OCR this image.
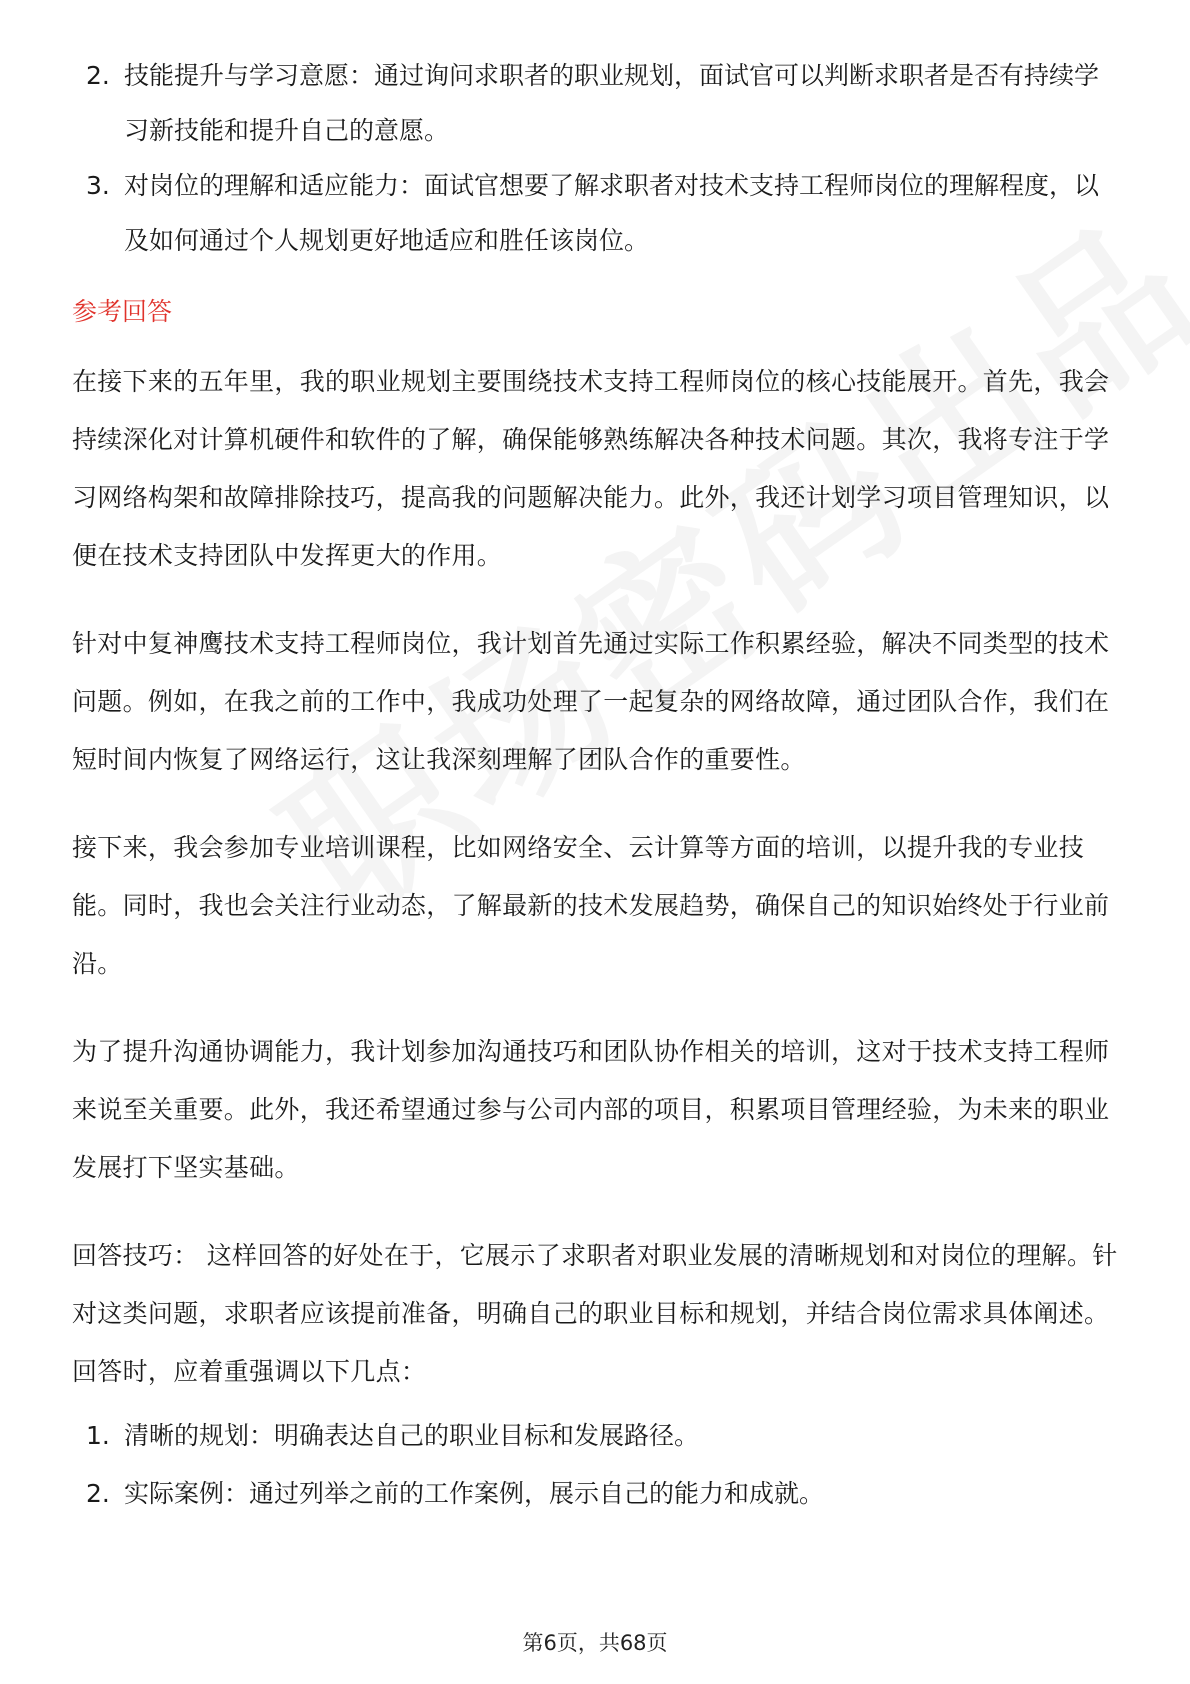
2. 技能提升与学习意愿：通过询问求职者的职业规划，面试官可以判断求职者是否有持续学习新技能和提升自己的意愿。
3. 对岗位的理解和适应能力：面试官想要了解求职者对技术支持工程师岗位的理解程度，以及如何通过个人规划更好地适应和胜任该岗位。
参考回答

在接下来的五年里，我的职业规划主要围绕技术支持工程师岗位的核心技能展开。首先，我会持续深化对计算机硬件和软件的了解，确保能够熟练解决各种技术问题。其次，我将专注于学习网络构架和故障排除技巧，提高我的问题解决能力。此外，我还计划学习项目管理知识，以便在技术支持团队中发挥更大的作用。

针对中复神鹰技术支持工程师岗位，我计划首先通过实际工作积累经验，解决不同类型的技术问题。例如，在我之前的工作中，我成功处理了一起复杂的网络故障，通过团队合作，我们在短时间内恢复了网络运行，这让我深刻理解了团队合作的重要性。

接下来，我会参加专业培训课程，比如网络安全、云计算等方面的培训，以提升我的专业技能。同时，我也会关注行业动态，了解最新的技术发展趋势，确保自己的知识始终处于行业前沿。

为了提升沟通协调能力，我计划参加沟通技巧和团队协作相关的培训，这对于技术支持工程师来说至关重要。此外，我还希望通过参与公司内部的项目，积累项目管理经验，为未来的职业发展打下坚实基础。

回答技巧： 这样回答的好处在于，它展示了求职者对职业发展的清晰规划和对岗位的理解。针对这类问题，求职者应该提前准备，明确自己的职业目标和规划，并结合岗位需求具体阐述。回答时，应着重强调以下几点：

1. 清晰的规划：明确表达自己的职业目标和发展路径。
2. 实际案例：通过列举之前的工作案例，展示自己的能力和成就。
第6页，共68页
